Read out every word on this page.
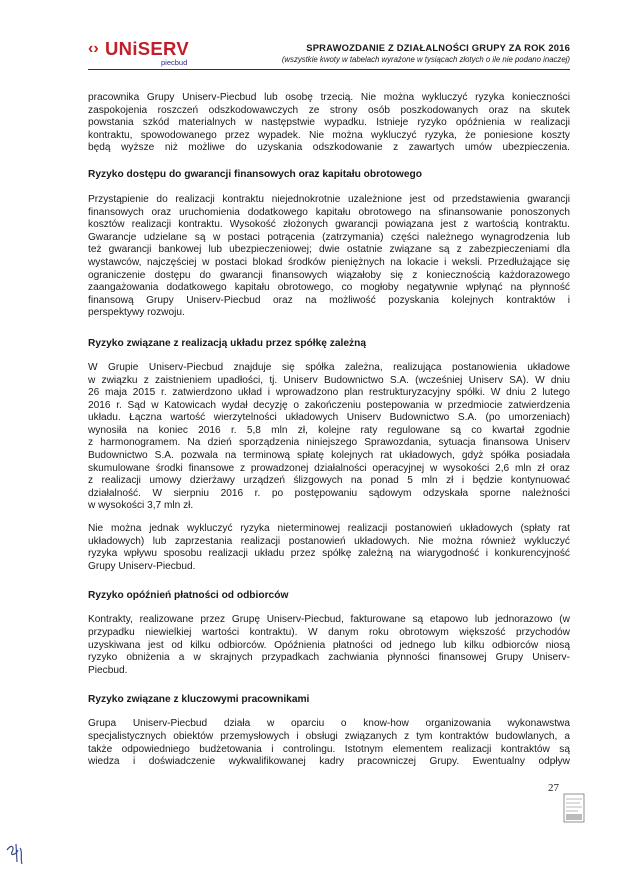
‹› UNiSERV
piecbud
SPRAWOZDANIE Z DZIAŁALNOŚCI GRUPY ZA ROK 2016
(wszystkie kwoty w tabelach wyrażone w tysiącach złotych o ile nie podano inaczej)

pracownika Grupy Uniserv-Piecbud lub osobę trzecią. Nie można wykluczyć ryzyka konieczności
zaspokojenia roszczeń odszkodowawczych ze strony osób poszkodowanych oraz na skutek
powstania szkód materialnych w następstwie wypadku. Istnieje ryzyko opóźnienia w realizacji
kontraktu, spowodowanego przez wypadek. Nie można wykluczyć ryzyka, że poniesione koszty
będą wyższe niż możliwe do uzyskania odszkodowanie z zawartych umów ubezpieczenia.

Ryzyko dostępu do gwarancji finansowych oraz kapitału obrotowego

Przystąpienie do realizacji kontraktu niejednokrotnie uzależnione jest od przedstawienia gwarancji
finansowych oraz uruchomienia dodatkowego kapitału obrotowego na sfinansowanie ponoszonych
kosztów realizacji kontraktu. Wysokość złożonych gwarancji powiązana jest z wartością kontraktu.
Gwarancje udzielane są w postaci potrącenia (zatrzymania) części należnego wynagrodzenia lub
też gwarancji bankowej lub ubezpieczeniowej; dwie ostatnie związane są z zabezpieczeniami dla
wystawców, najczęściej w postaci blokad środków pieniężnych na lokacie i weksli. Przedłużające się
ograniczenie dostępu do gwarancji finansowych wiązałoby się z koniecznością każdorazowego
zaangażowania dodatkowego kapitału obrotowego, co mogłoby negatywnie wpłynąć na płynność
finansową Grupy Uniserv-Piecbud oraz na możliwość pozyskania kolejnych kontraktów i
perspektywy rozwoju.

Ryzyko związane z realizacją układu przez spółkę zależną

W Grupie Uniserv-Piecbud znajduje się spółka zależna, realizująca postanowienia układowe
w związku z zaistnieniem upadłości, tj. Uniserv Budownictwo S.A. (wcześniej Uniserv SA). W dniu
26 maja 2015 r. zatwierdzono układ i wprowadzono plan restrukturyzacyjny spółki. W dniu 2 lutego
2016 r. Sąd w Katowicach wydał decyzję o zakończeniu postepowania w przedmiocie zatwierdzenia
układu. Łączna wartość wierzytelności układowych Uniserv Budownictwo S.A. (po umorzeniach)
wynosiła na koniec 2016 r. 5,8 mln zł, kolejne raty regulowane są co kwartał zgodnie
z harmonogramem. Na dzień sporządzenia niniejszego Sprawozdania, sytuacja finansowa Uniserv
Budownictwo S.A. pozwala na terminową spłatę kolejnych rat układowych, gdyż spółka posiadała
skumulowane środki finansowe z prowadzonej działalności operacyjnej w wysokości 2,6 mln zł oraz
z realizacji umowy dzierżawy urządzeń ślizgowych na ponad 5 mln zł i będzie kontynuować
działalność. W sierpniu 2016 r. po postępowaniu sądowym odzyskała sporne należności
w wysokości 3,7 mln zł.

Nie można jednak wykluczyć ryzyka nieterminowej realizacji postanowień układowych (spłaty rat
układowych) lub zaprzestania realizacji postanowień układowych. Nie można również wykluczyć
ryzyka wpływu sposobu realizacji układu przez spółkę zależną na wiarygodność i konkurencyjność
Grupy Uniserv-Piecbud.

Ryzyko opóźnień płatności od odbiorców

Kontrakty, realizowane przez Grupę Uniserv-Piecbud, fakturowane są etapowo lub jednorazowo (w
przypadku niewielkiej wartości kontraktu). W danym roku obrotowym większość przychodów
uzyskiwana jest od kilku odbiorców. Opóźnienia płatności od jednego lub kilku odbiorców niosą
ryzyko obniżenia a w skrajnych przypadkach zachwiania płynności finansowej Grupy Uniserv-
Piecbud.

Ryzyko związane z kluczowymi pracownikami

Grupa Uniserv-Piecbud działa w oparciu o know-how organizowania wykonawstwa
specjalistycznych obiektów przemysłowych i obsługi związanych z tym kontraktów budowlanych, a
także odpowiedniego budżetowania i controlingu. Istotnym elementem realizacji kontraktów są
wiedza i doświadczenie wykwalifikowanej kadry pracowniczej Grupy. Ewentualny odpływ

27
